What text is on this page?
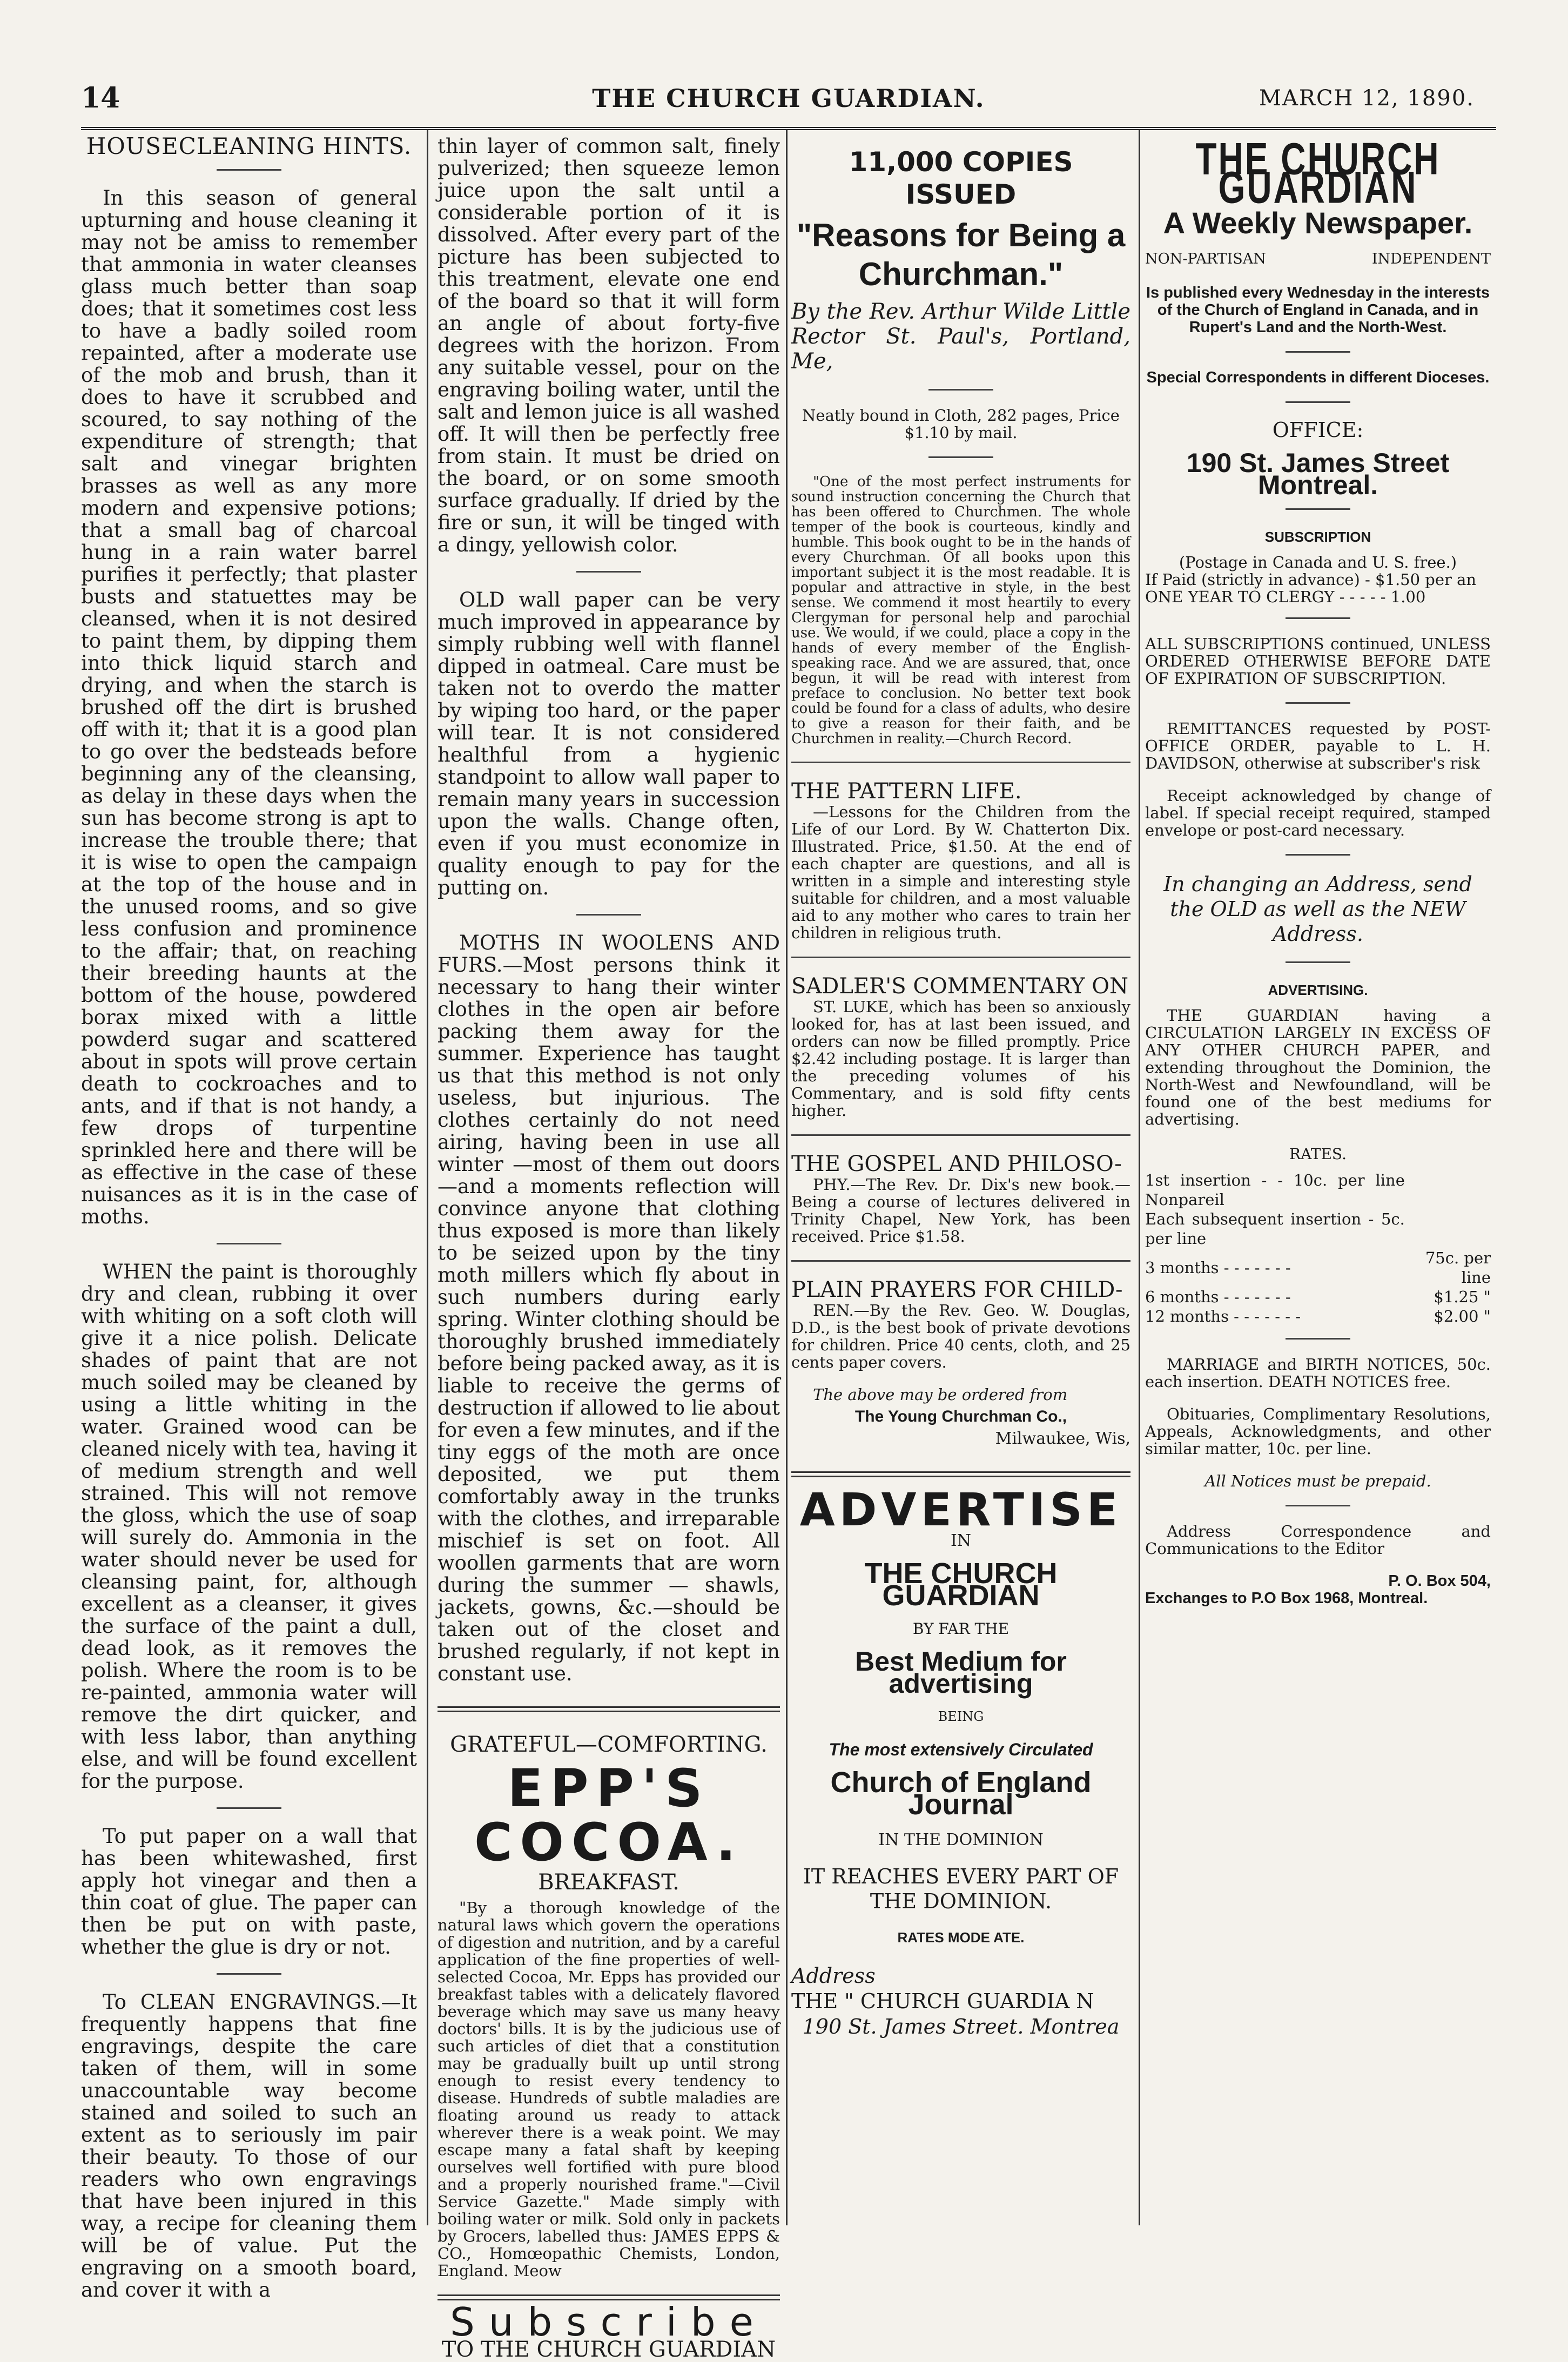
14	THE CHURCH GUARDIAN.	MARCH 12, 1890.
HOUSECLEANING HINTS.

In this season of general upturning and house cleaning it may not be amiss to remember that ammonia in water cleanses glass much better than soap does; that it sometimes cost less to have a badly soiled room repainted, after a moderate use of the mob and brush, than it does to have it scrubbed and scoured, to say nothing of the expenditure of strength; that salt and vinegar brighten brasses as well as any more modern and expensive potions; that a small bag of charcoal hung in a rain water barrel purifies it perfectly; that plaster busts and statuettes may be cleansed, when it is not desired to paint them, by dipping them into thick liquid starch and drying, and when the starch is brushed off the dirt is brushed off with it; that it is a good plan to go over the bedsteads before beginning any of the cleansing, as delay in these days when the sun has become strong is apt to increase the trouble there; that it is wise to open the campaign at the top of the house and in the unused rooms, and so give less confusion and prominence to the affair; that, on reaching their breeding haunts at the bottom of the house, powdered borax mixed with a little powderd sugar and scattered about in spots will prove certain death to cockroaches and to ants, and if that is not handy, a few drops of turpentine sprinkled here and there will be as effective in the case of these nuisances as it is in the case of moths.

WHEN the paint is thoroughly dry and clean, rubbing it over with whiting on a soft cloth will give it a nice polish. Delicate shades of paint that are not much soiled may be cleaned by using a little whiting in the water. Grained wood can be cleaned nicely with tea, having it of medium strength and well strained. This will not remove the gloss, which the use of soap will surely do. Ammonia in the water should never be used for cleansing paint, for, although excellent as a cleanser, it gives the surface of the paint a dull, dead look, as it removes the polish. Where the room is to be re-painted, ammonia water will remove the dirt quicker, and with less labor, than anything else, and will be found excellent for the purpose.

To put paper on a wall that has been whitewashed, first apply hot vinegar and then a thin coat of glue. The paper can then be put on with paste, whether the glue is dry or not.

To CLEAN ENGRAVINGS.—It frequently happens that fine engravings, despite the care taken of them, will in some unaccountable way become stained and soiled to such an extent as to seriously im pair their beauty. To those of our readers who own engravings that have been injured in this way, a recipe for cleaning them will be of value. Put the engraving on a smooth board, and cover it with a

thin layer of common salt, finely pulverized; then squeeze lemon juice upon the salt until a considerable portion of it is dissolved. After every part of the picture has been subjected to this treatment, elevate one end of the board so that it will form an angle of about forty-five degrees with the horizon. From any suitable vessel, pour on the engraving boiling water, until the salt and lemon juice is all washed off. It will then be perfectly free from stain. It must be dried on the board, or on some smooth surface gradually. If dried by the fire or sun, it will be tinged with a dingy, yellowish color.

OLD wall paper can be very much improved in appearance by simply rubbing well with flannel dipped in oatmeal. Care must be taken not to overdo the matter by wiping too hard, or the paper will tear. It is not considered healthful from a hygienic standpoint to allow wall paper to remain many years in succession upon the walls. Change often, even if you must economize in quality enough to pay for the putting on.

MOTHS IN WOOLENS AND FURS.—Most persons think it necessary to hang their winter clothes in the open air before packing them away for the summer. Experience has taught us that this method is not only useless, but injurious. The clothes certainly do not need airing, having been in use all winter —most of them out doors—and a moments reflection will convince anyone that clothing thus exposed is more than likely to be seized upon by the tiny moth millers which fly about in such numbers during early spring. Winter clothing should be thoroughly brushed immediately before being packed away, as it is liable to receive the germs of destruction if allowed to lie about for even a few minutes, and if the tiny eggs of the moth are once deposited, we put them comfortably away in the trunks with the clothes, and irreparable mischief is set on foot. All woollen garments that are worn during the summer — shawls, jackets, gowns, &c.—should be taken out of the closet and brushed regularly, if not kept in constant use.

GRATEFUL—COMFORTING.
EPP'S COCOA.
BREAKFAST.

"By a thorough knowledge of the natural laws which govern the operations of digestion and nutrition, and by a careful application of the fine properties of well-selected Cocoa, Mr. Epps has provided our breakfast tables with a delicately flavored beverage which may save us many heavy doctors' bills. It is by the judicious use of such articles of diet that a constitution may be gradually built up until strong enough to resist every tendency to disease. Hundreds of subtle maladies are floating around us ready to attack wherever there is a weak point. We may escape many a fatal shaft by keeping ourselves well fortified with pure blood and a properly nourished frame."—Civil Service Gazette." Made simply with boiling water or milk. Sold only in packets by Grocers, labelled thus: JAMES EPPS & CO., Homœopathic Chemists, London, England. Meow

Subscribe
TO THE CHURCH GUARDIAN
11,000 COPIES ISSUED
"Reasons for Being a Churchman."

By the Rev. Arthur Wilde Little Rector St. Paul's, Portland, Me,

Neatly bound in Cloth, 282 pages, Price $1.10 by mail.

"One of the most perfect instruments for sound instruction concerning the Church that has been offered to Churchmen. The whole temper of the book is courteous, kindly and humble. This book ought to be in the hands of every Churchman. Of all books upon this important subject it is the most readable. It is popular and attractive in style, in the best sense. We commend it most heartily to every Clergyman for personal help and parochial use. We would, if we could, place a copy in the hands of every member of the English-speaking race. And we are assured, that, once begun, it will be read with interest from preface to conclusion. No better text book could be found for a class of adults, who desire to give a reason for their faith, and be Churchmen in reality.—Church Record.

THE PATTERN LIFE.

—Lessons for the Children from the Life of our Lord. By W. Chatterton Dix. Illustrated. Price, $1.50. At the end of each chapter are questions, and all is written in a simple and interesting style suitable for children, and a most valuable aid to any mother who cares to train her children in religious truth.

SADLER'S COMMENTARY ON

ST. LUKE, which has been so anxiously looked for, has at last been issued, and orders can now be filled promptly. Price $2.42 including postage. It is larger than the preceding volumes of his Commentary, and is sold fifty cents higher.

THE GOSPEL AND PHILOSO-

PHY.—The Rev. Dr. Dix's new book.—Being a course of lectures delivered in Trinity Chapel, New York, has been received. Price $1.58.

PLAIN PRAYERS FOR CHILD-

REN.—By the Rev. Geo. W. Douglas, D.D., is the best book of private devotions for children. Price 40 cents, cloth, and 25 cents paper covers.

The above may be ordered from

The Young Churchman Co.,
Milwaukee, Wis,
ADVERTISE
IN
THE CHURCH GUARDIAN
BY FAR THE
Best Medium for advertising
BEING
The most extensively Circulated
Church of England Journal
IN THE DOMINION
IT REACHES EVERY PART OF THE DOMINION.
RATES MODE ATE.
Address
THE " CHURCH GUARDIA N
190 St. James Street. Montrea
THE CHURCH GUARDIAN
A Weekly Newspaper.
NON-PARTISAN	INDEPENDENT

Is published every Wednesday in the interests of the Church of England in Canada, and in Rupert's Land and the North-West.

Special Correspondents in different Dioceses.

OFFICE:
190 St. James Street Montreal.
SUBSCRIPTION
(Postage in Canada and U. S. free.)
If Paid (strictly in advance) - $1.50 per an
ONE YEAR TO CLERGY - - - - - 1.00

ALL SUBSCRIPTIONS continued, UNLESS ORDERED OTHERWISE BEFORE DATE OF EXPIRATION OF SUBSCRIPTION.

REMITTANCES requested by POST-OFFICE ORDER, payable to L. H. DAVIDSON, otherwise at subscriber's risk

Receipt acknowledged by change of label. If special receipt required, stamped envelope or post-card necessary.

In changing an Address, send the OLD as well as the NEW Address.

ADVERTISING.

THE GUARDIAN having a CIRCULATION LARGELY IN EXCESS OF ANY OTHER CHURCH PAPER, and extending throughout the Dominion, the North-West and Newfoundland, will be found one of the best mediums for advertising.

RATES.
1st insertion - - 10c. per line Nonpareil	
Each subsequent insertion - 5c. per line	
3 months - - - - - - -	75c. per line
6 months - - - - - - -	$1.25 "
12 months - - - - - - -	$2.00 "

MARRIAGE and BIRTH NOTICES, 50c. each insertion. DEATH NOTICES free.

Obituaries, Complimentary Resolutions, Appeals, Acknowledgments, and other similar matter, 10c. per line.

All Notices must be prepaid.

Address Correspondence and Communications to the Editor

P. O. Box 504,
Exchanges to P.O Box 1968, Montreal.
